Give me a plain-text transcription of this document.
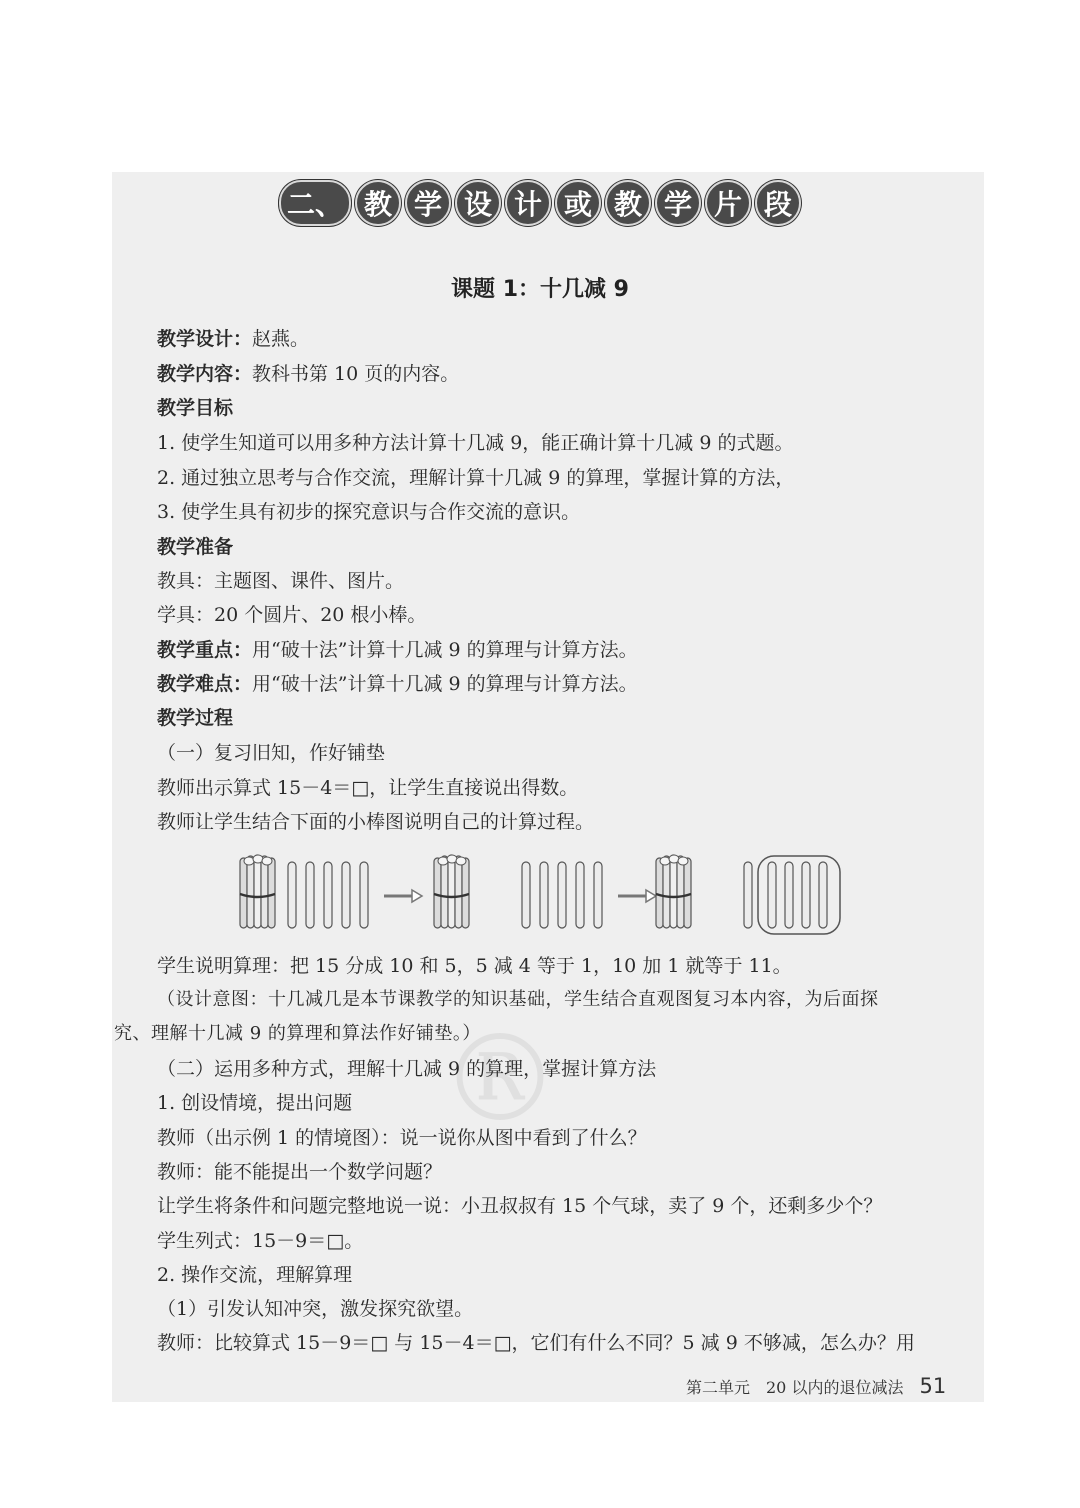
二、 教 学 设 计 或 教 学 片 段
课题 1：十几减 9
教学设计：赵燕。
教学内容：教科书第 10 页的内容。
教学目标
1. 使学生知道可以用多种方法计算十几减 9，能正确计算十几减 9 的式题。
2. 通过独立思考与合作交流，理解计算十几减 9 的算理，掌握计算的方法，
3. 使学生具有初步的探究意识与合作交流的意识。
教学准备
教具：主题图、课件、图片。
学具：20 个圆片、20 根小棒。
教学重点：用“破十法”计算十几减 9 的算理与计算方法。
教学难点：用“破十法”计算十几减 9 的算理与计算方法。
教学过程
（一）复习旧知，作好铺垫
教师出示算式 15－4＝□，让学生直接说出得数。
教师让学生结合下面的小棒图说明自己的计算过程。
学生说明算理：把 15 分成 10 和 5，5 减 4 等于 1，10 加 1 就等于 11。
（设计意图：十几减几是本节课教学的知识基础，学生结合直观图复习本内容，为后面探
究、理解十几减 9 的算理和算法作好铺垫。）
（二）运用多种方式，理解十几减 9 的算理，掌握计算方法
1. 创设情境，提出问题
教师（出示例 1 的情境图）：说一说你从图中看到了什么？
教师：能不能提出一个数学问题？
让学生将条件和问题完整地说一说：小丑叔叔有 15 个气球，卖了 9 个，还剩多少个？
学生列式：15－9＝□。
2. 操作交流，理解算理
（1）引发认知冲突，激发探究欲望。
教师：比较算式 15－9＝□ 与 15－4＝□，它们有什么不同？5 减 9 不够减，怎么办？用
第二单元　20 以内的退位减法 51
